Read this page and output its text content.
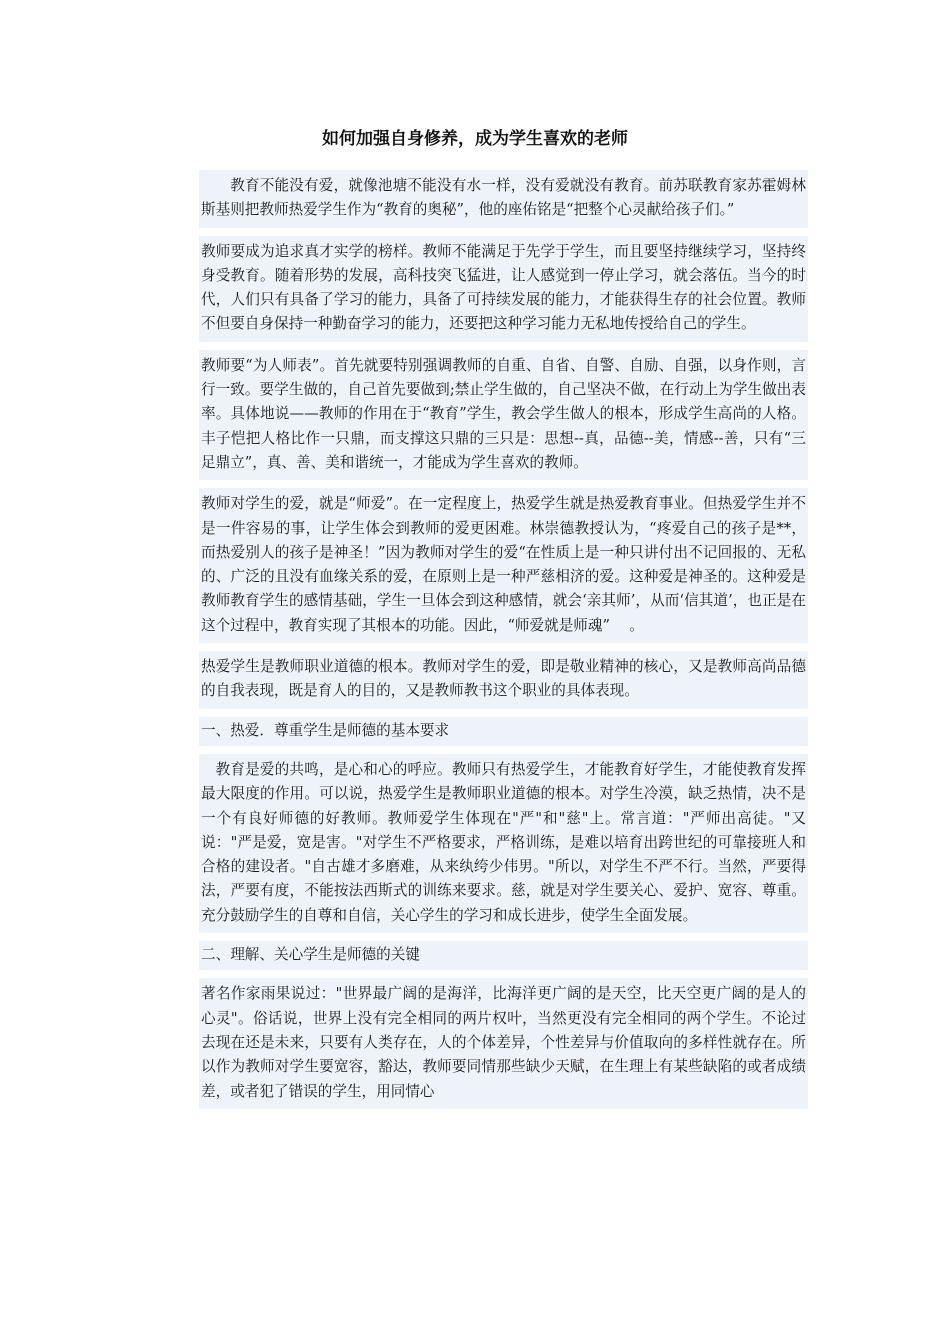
如何加强自身修养，成为学生喜欢的老师

教育不能没有爱，就像池塘不能没有水一样，没有爱就没有教育。前苏联教育家苏霍姆林斯基则把教师热爱学生作为“教育的奥秘”，他的座佑铭是“把整个心灵献给孩子们。”

教师要成为追求真才实学的榜样。教师不能满足于先学于学生，而且要坚持继续学习，坚持终身受教育。随着形势的发展，高科技突飞猛进，让人感觉到一停止学习，就会落伍。当今的时代，人们只有具备了学习的能力，具备了可持续发展的能力，才能获得生存的社会位置。教师不但要自身保持一种勤奋学习的能力，还要把这种学习能力无私地传授给自己的学生。

教师要“为人师表”。首先就要特别强调教师的自重、自省、自警、自励、自强，以身作则，言行一致。要学生做的，自己首先要做到;禁止学生做的，自己坚决不做，在行动上为学生做出表率。具体地说——教师的作用在于“教育”学生，教会学生做人的根本，形成学生高尚的人格。丰子恺把人格比作一只鼎，而支撑这只鼎的三只是：思想--真，品德--美，情感--善，只有“三足鼎立”，真、善、美和谐统一，才能成为学生喜欢的教师。

教师对学生的爱，就是“师爱”。在一定程度上，热爱学生就是热爱教育事业。但热爱学生并不是一件容易的事，让学生体会到教师的爱更困难。林崇德教授认为，“疼爱自己的孩子是**，而热爱别人的孩子是神圣！”因为教师对学生的爱“在性质上是一种只讲付出不记回报的、无私的、广泛的且没有血缘关系的爱，在原则上是一种严慈相济的爱。这种爱是神圣的。这种爱是教师教育学生的感情基础，学生一旦体会到这种感情，就会‘亲其师’，从而‘信其道’，也正是在这个过程中，教育实现了其根本的功能。因此，“师爱就是师魂”　 。

热爱学生是教师职业道德的根本。教师对学生的爱，即是敬业精神的核心，又是教师高尚品德的自我表现，既是育人的目的，又是教师教书这个职业的具体表现。

一、热爱．尊重学生是师德的基本要求

教育是爱的共鸣，是心和心的呼应。教师只有热爱学生，才能教育好学生，才能使教育发挥最大限度的作用。可以说，热爱学生是教师职业道德的根本。对学生冷漠，缺乏热情，决不是一个有良好师德的好教师。教师爱学生体现在"严"和"慈"上。常言道："严师出高徒。"又说："严是爱，宽是害。"对学生不严格要求，严格训练，是难以培育出跨世纪的可靠接班人和合格的建设者。"自古雄才多磨难，从来纨绔少伟男。"所以，对学生不严不行。当然，严要得法，严要有度，不能按法西斯式的训练来要求。慈，就是对学生要关心、爱护、宽容、尊重。充分鼓励学生的自尊和自信，关心学生的学习和成长进步，使学生全面发展。

二、理解、关心学生是师德的关键

著名作家雨果说过："世界最广阔的是海洋，比海洋更广阔的是天空，比天空更广阔的是人的心灵"。俗话说，世界上没有完全相同的两片权叶，当然更没有完全相同的两个学生。不论过去现在还是未来，只要有人类存在，人的个体差异，个性差异与价值取向的多样性就存在。所以作为教师对学生要宽容，豁达，教师要同情那些缺少天赋，在生理上有某些缺陷的或者成绩差，或者犯了错误的学生，用同情心
